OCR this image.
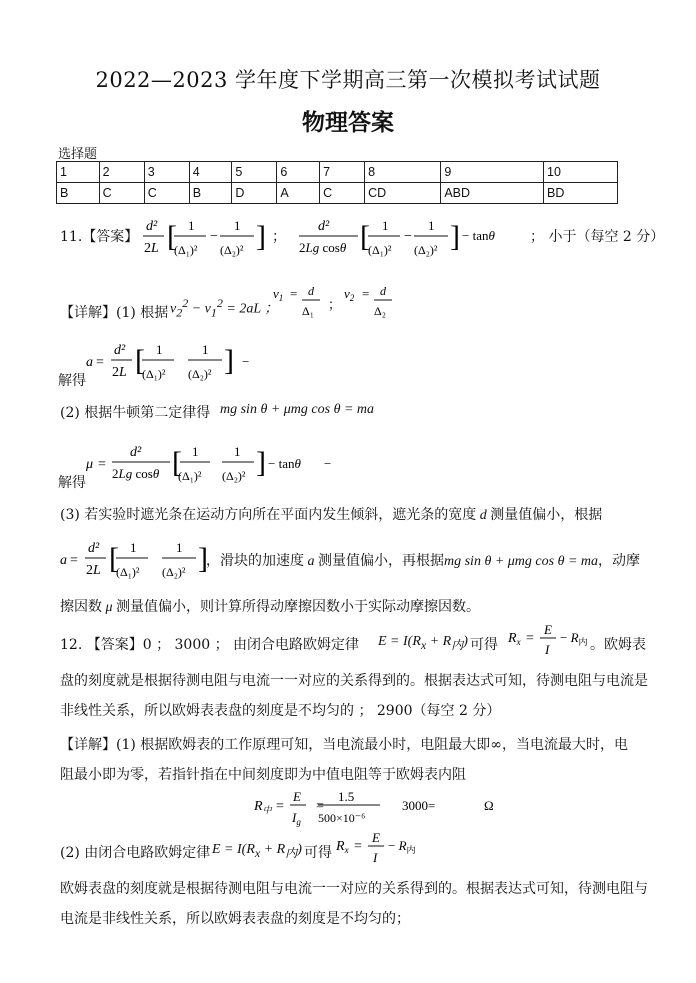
2022—2023 学年度下学期高三第一次模拟考试试题
物理答案
选择题
1	2	3	4	5	6	7	8	9	10
B	C	C	B	D	A	C	CD	ABD	BD
11.【答案】
d²
2L [ 1
(Δ₁)²
−
1
(Δ₂)² ] ；
d²
2Lg cosθ [ 1
(Δ₁)²
−
1
(Δ₂)² ] − tanθ	； 小于（每空 2 分）
【详解】(1) 根据 $v_2^2 - v_1^2 = 2aL$ ；
$v_1 = d$
Δ₁ ；
$v_2 = d$
Δ₂
解得
a =
d²
2L [ 1
(Δ₁)²
1
(Δ₂)² ] −
(2) 根据牛顿第二定律得 mg sin θ + μmg cos θ = ma
解得
μ =
d²
2Lg cosθ [ 1
(Δ₁)²
1
(Δ₂)² ] − tanθ −
(3) 若实验时遮光条在运动方向所在平面内发生倾斜，遮光条的宽度 d 测量值偏小，根据
a =
d²
2L [ 1
(Δ₁)²
1
(Δ₂)² ]
，滑块的加速度 a 测量值偏小，再根据mg sin θ + μmg cos θ = ma，动摩
擦因数 μ 测量值偏小，则计算所得动摩擦因数小于实际动摩擦因数。
12. 【答案】0 ； 3000 ； 由闭合电路欧姆定律 $E = I(R_x + R_内)$ 可得 $R_x$ =
E
I
− $R_内$ 。欧姆表
盘的刻度就是根据待测电阻与电流一一对应的关系得到的。根据表达式可知，待测电阻与电流是
非线性关系，所以欧姆表表盘的刻度是不均匀的 ； 2900（每空 2 分）
【详解】(1) 根据欧姆表的工作原理可知，当电流最小时，电阻最大即∞，当电流最大时，电
阻最小即为零，若指针指在中间刻度即为中值电阻等于欧姆表内阻
$R_中$ =
E
$I_g$
=
1.5
500×10⁻⁶
3000 =	Ω
(2) 由闭合电路欧姆定律 $E = I(R_x + R_内)$ 可得 $R_x$ =
E
I
− $R_内$
欧姆表盘的刻度就是根据待测电阻与电流一一对应的关系得到的。根据表达式可知，待测电阻与
电流是非线性关系，所以欧姆表表盘的刻度是不均匀的；
